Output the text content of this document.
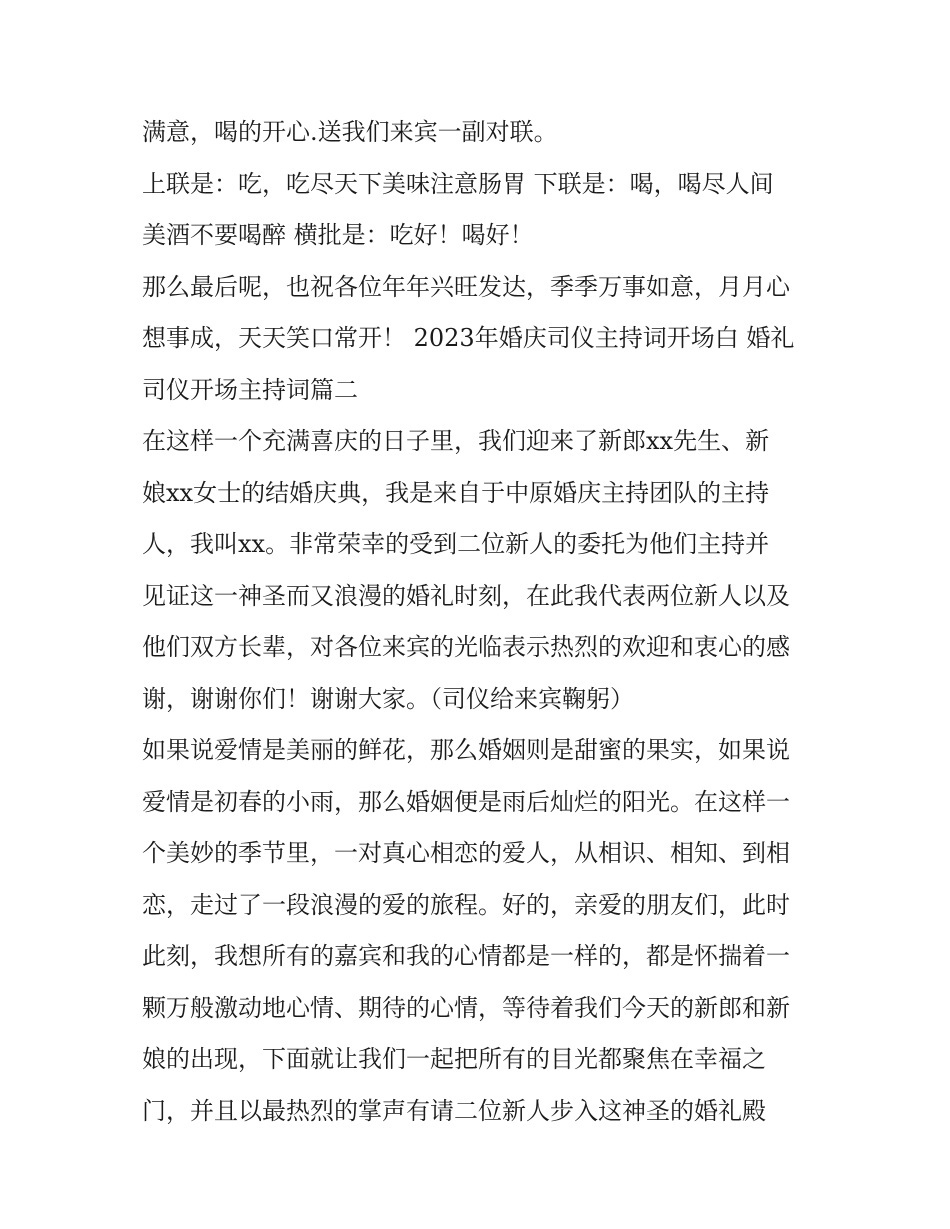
满意，喝的开心.送我们来宾一副对联。
上联是：吃，吃尽天下美味注意肠胃 下联是：喝，喝尽人间
美酒不要喝醉 横批是：吃好！喝好！
那么最后呢，也祝各位年年兴旺发达，季季万事如意，月月心
想事成，天天笑口常开！ 2023年婚庆司仪主持词开场白 婚礼
司仪开场主持词篇二
在这样一个充满喜庆的日子里，我们迎来了新郎xx先生、新
娘xx女士的结婚庆典，我是来自于中原婚庆主持团队的主持
人，我叫xx。非常荣幸的受到二位新人的委托为他们主持并
见证这一神圣而又浪漫的婚礼时刻，在此我代表两位新人以及
他们双方长辈，对各位来宾的光临表示热烈的欢迎和衷心的感
谢，谢谢你们！谢谢大家。（司仪给来宾鞠躬）
如果说爱情是美丽的鲜花，那么婚姻则是甜蜜的果实，如果说
爱情是初春的小雨，那么婚姻便是雨后灿烂的阳光。在这样一
个美妙的季节里，一对真心相恋的爱人，从相识、相知、到相
恋，走过了一段浪漫的爱的旅程。好的，亲爱的朋友们，此时
此刻，我想所有的嘉宾和我的心情都是一样的，都是怀揣着一
颗万般激动地心情、期待的心情，等待着我们今天的新郎和新
娘的出现，下面就让我们一起把所有的目光都聚焦在幸福之
门，并且以最热烈的掌声有请二位新人步入这神圣的婚礼殿
